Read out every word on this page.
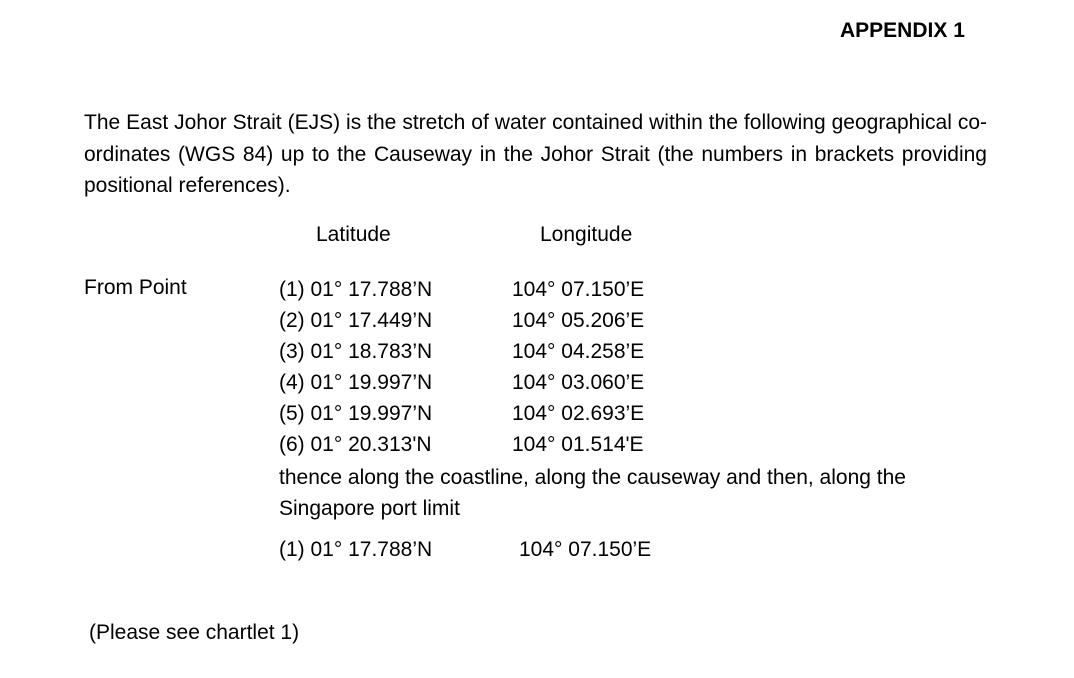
APPENDIX 1

The East Johor Strait (EJS) is the stretch of water contained within the following geographical co-ordinates (WGS 84) up to the Causeway in the Johor Strait (the numbers in brackets providing positional references).

Latitude	Longitude
From Point	(1) 01° 17.788’N	104° 07.150’E
(2) 01° 17.449’N	104° 05.206’E
(3) 01° 18.783’N	104° 04.258’E
(4) 01° 19.997’N	104° 03.060’E
(5) 01° 19.997’N	104° 02.693’E
(6) 01° 20.313'N	104° 01.514'E
thence along the coastline, along the causeway and then, along the Singapore port limit
(1) 01° 17.788’N	104° 07.150’E
(Please see chartlet 1)
